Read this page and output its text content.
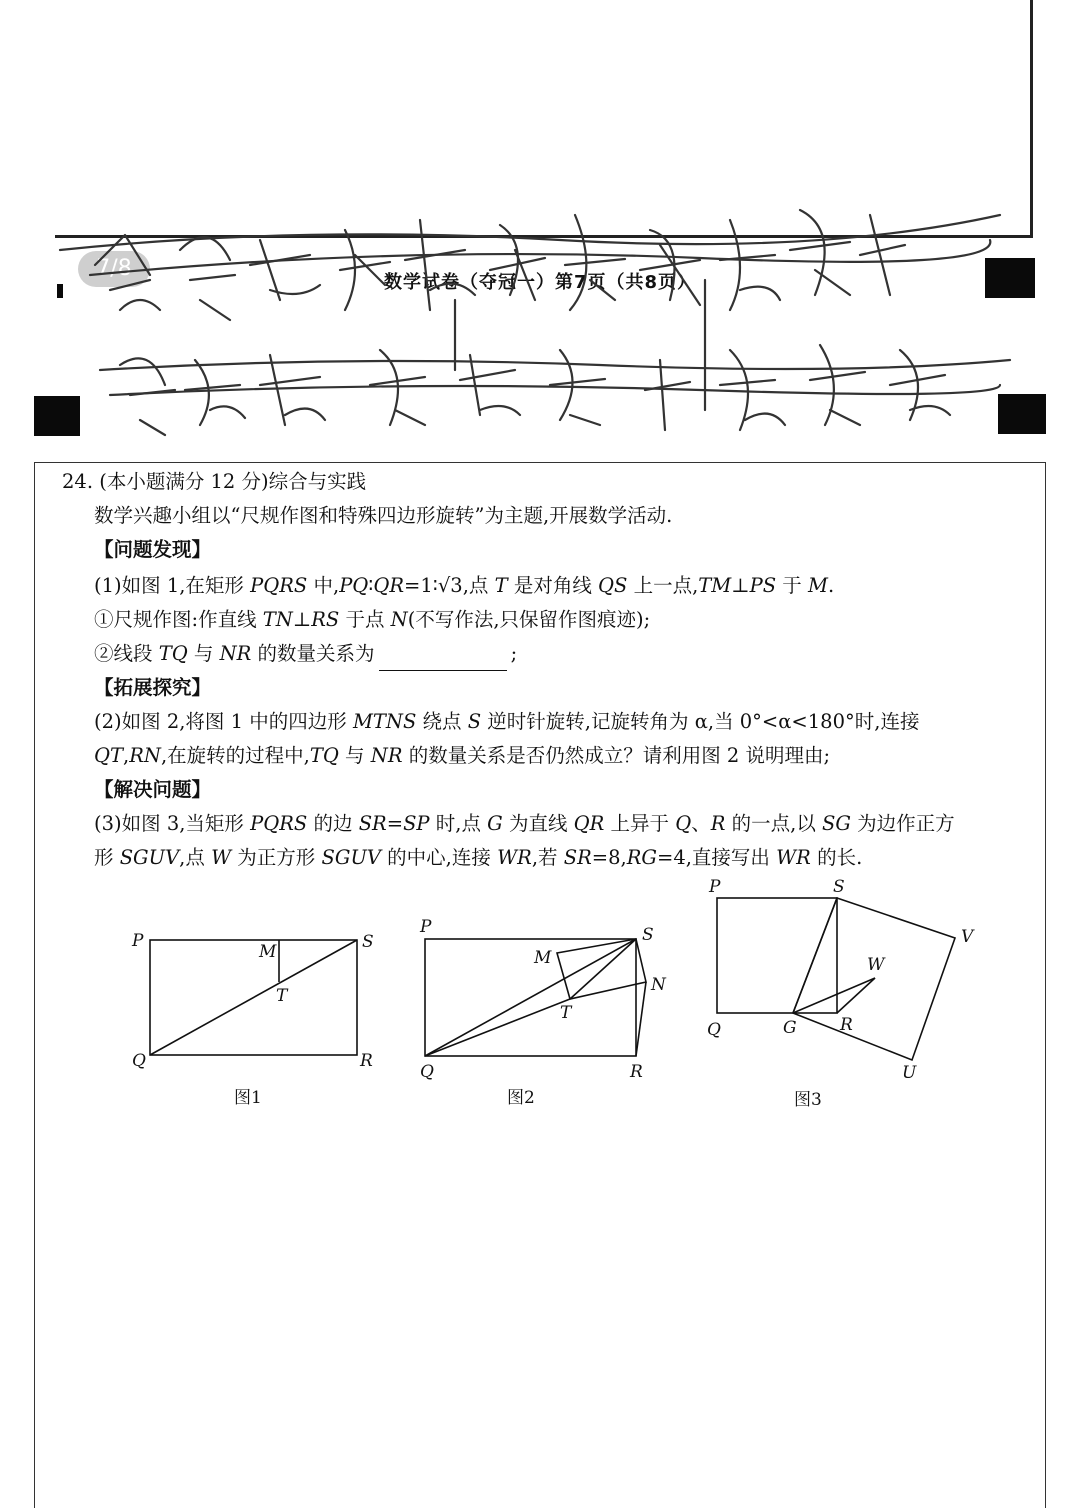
7/8
数学试卷（夺冠一）第7页（共8页）
24. (本小题满分 12 分)综合与实践
数学兴趣小组以“尺规作图和特殊四边形旋转”为主题,开展数学活动.
【问题发现】
(1)如图 1,在矩形 PQRS 中,PQ∶QR=1∶√3,点 T 是对角线 QS 上一点,TM⊥PS 于 M.
①尺规作图:作直线 TN⊥RS 于点 N(不写作法,只保留作图痕迹);
②线段 TQ 与 NR 的数量关系为	;
【拓展探究】
(2)如图 2,将图 1 中的四边形 MTNS 绕点 S 逆时针旋转,记旋转角为 α,当 0°<α<180°时,连接
QT,RN,在旋转的过程中,TQ 与 NR 的数量关系是否仍然成立？请利用图 2 说明理由;
【解决问题】
(3)如图 3,当矩形 PQRS 的边 SR=SP 时,点 G 为直线 QR 上异于 Q、R 的一点,以 SG 为边作正方
形 SGUV,点 W 为正方形 SGUV 的中心,连接 WR,若 SR=8,RG=4,直接写出 WR 的长.
P	S
M
T
Q	R
图1
P	S
M
N
T
Q	R
图2
P	S
V
W
Q	G	R
U
图3
